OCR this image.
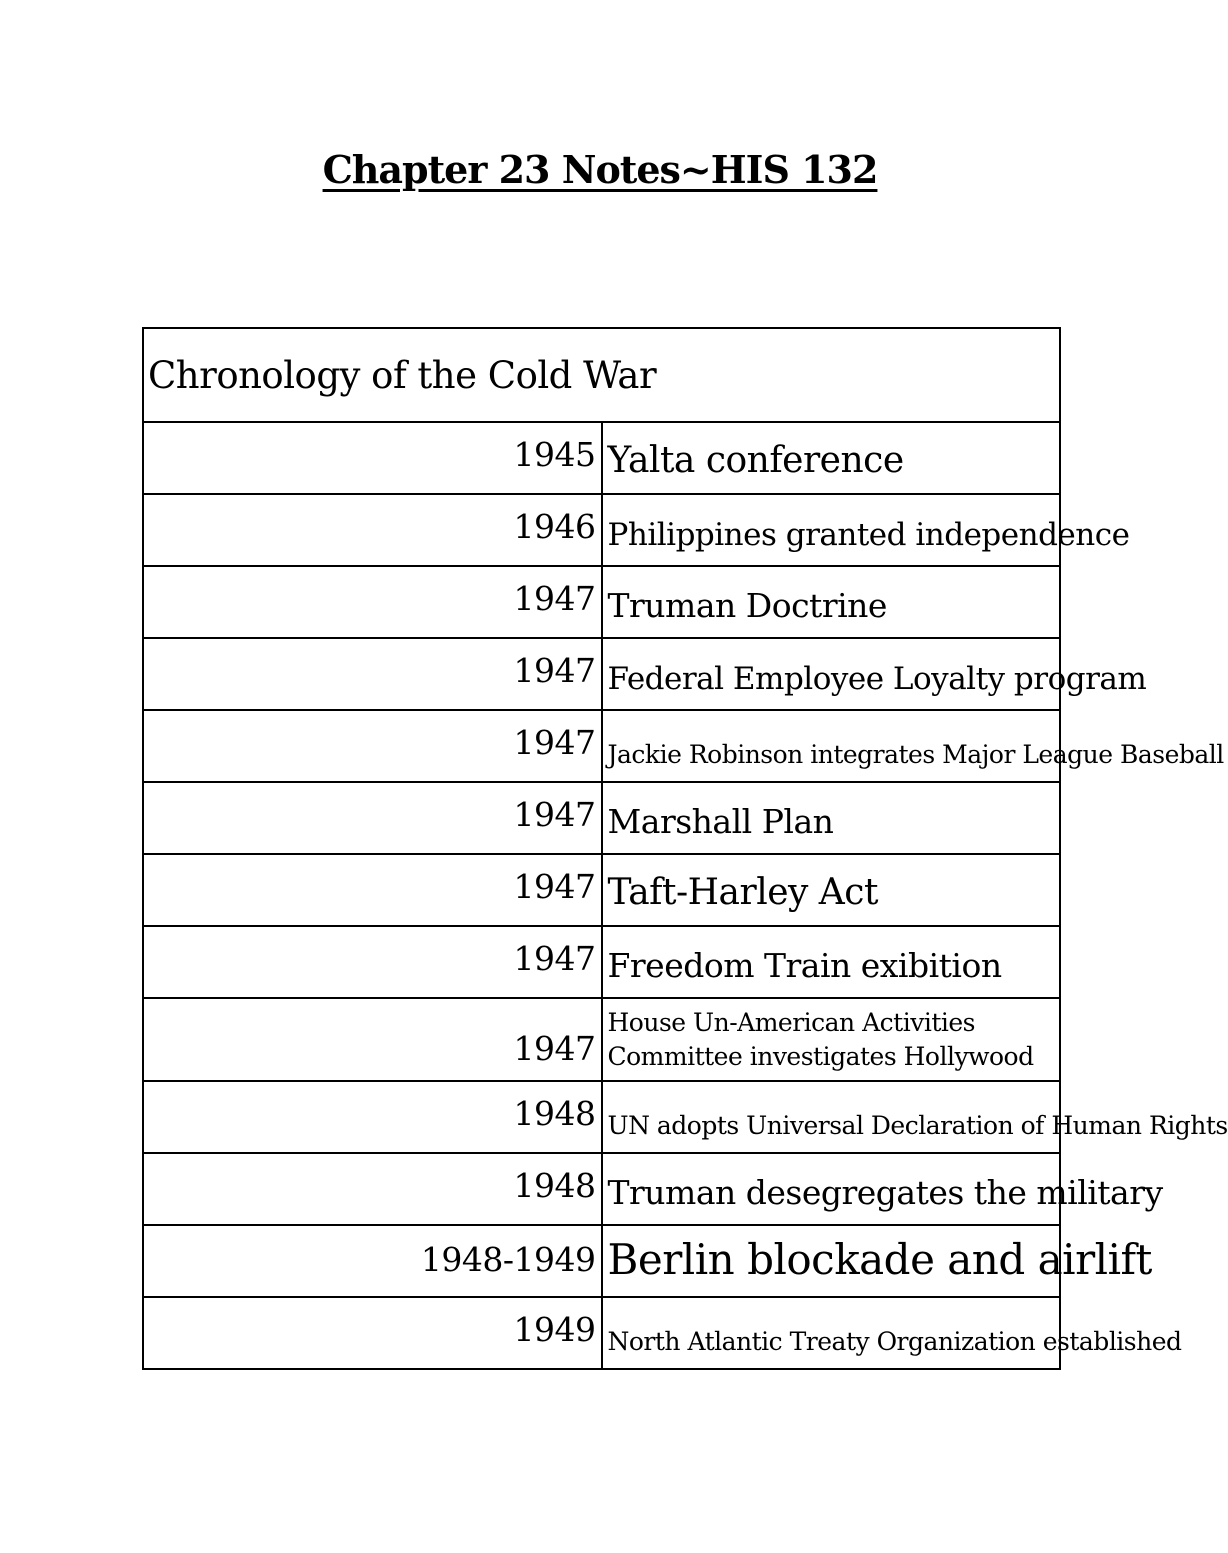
Chapter 23 Notes~HIS 132
Chronology of the Cold War	
1945	Yalta conference
1946	Philippines granted independence
1947	Truman Doctrine
1947	Federal Employee Loyalty program
1947	Jackie Robinson integrates Major League Baseball
1947	Marshall Plan
1947	Taft-Harley Act
1947	Freedom Train exibition
1947	House Un-American Activities Committee investigates Hollywood
1948	UN adopts Universal Declaration of Human Rights
1948	Truman desegregates the military
1948-1949	Berlin blockade and airlift
1949	North Atlantic Treaty Organization established
